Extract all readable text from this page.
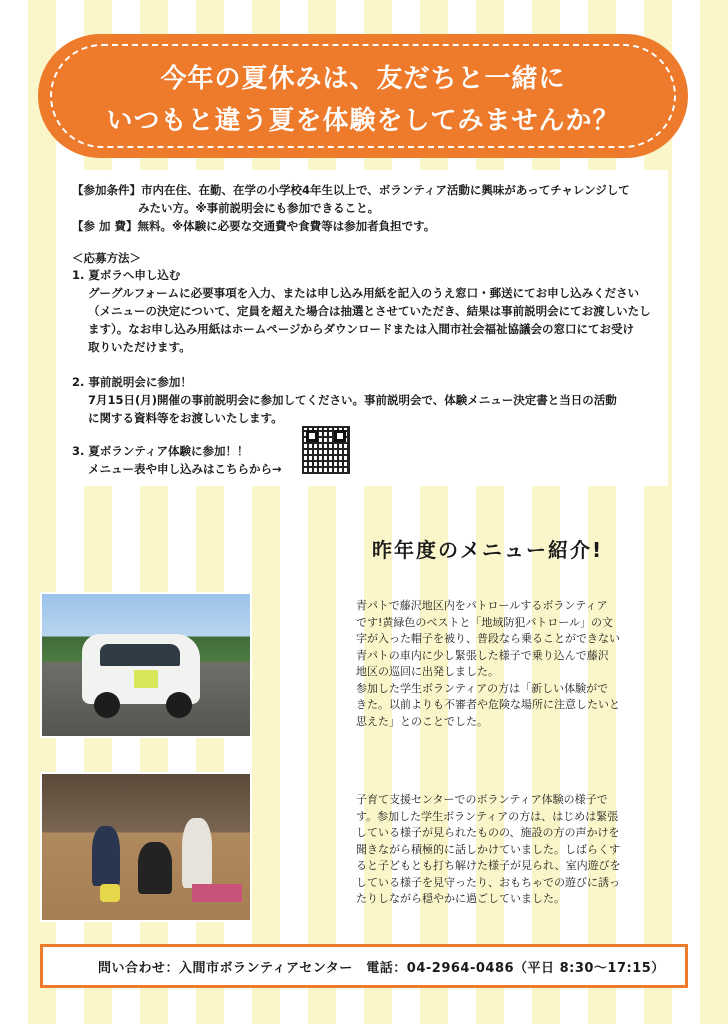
今年の夏休みは、友だちと一緒に
いつもと違う夏を体験をしてみませんか？
【参加条件】市内在住、在勤、在学の小学校4年生以上で、ボランティア活動に興味があってチャレンジして
みたい方。※事前説明会にも参加できること。
【参 加 費】無料。※体験に必要な交通費や食費等は参加者負担です。
＜応募方法＞
1. 夏ボラへ申し込む
グーグルフォームに必要事項を入力、または申し込み用紙を記入のうえ窓口・郵送にてお申し込みください
（メニューの決定について、定員を超えた場合は抽選とさせていただき、結果は事前説明会にてお渡しいたし
ます）。なお申し込み用紙はホームページからダウンロードまたは入間市社会福祉協議会の窓口にてお受け
取りいただけます。
2. 事前説明会に参加！
7月15日(月)開催の事前説明会に参加してください。事前説明会で、体験メニュー決定書と当日の活動
に関する資料等をお渡しいたします。
3. 夏ボランティア体験に参加！！
メニュー表や申し込みはこちらから→
昨年度のメニュー紹介!
青パトで藤沢地区内をパトロールするボランティア
です!黄緑色のベストと「地域防犯パトロール」の文
字が入った帽子を被り、普段なら乗ることができない
青パトの車内に少し緊張した様子で乗り込んで藤沢
地区の巡回に出発しました。
参加した学生ボランティアの方は「新しい体験がで
きた。以前よりも不審者や危険な場所に注意したいと
思えた」とのことでした。
子育て支援センターでのボランティア体験の様子で
す。参加した学生ボランティアの方は、はじめは緊張
している様子が見られたものの、施設の方の声かけを
聞きながら積極的に話しかけていました。しばらくす
ると子どもとも打ち解けた様子が見られ、室内遊びを
している様子を見守ったり、おもちゃでの遊びに誘っ
たりしながら穏やかに過ごしていました。
問い合わせ：入間市ボランティアセンター　電話：04-2964-0486（平日 8:30〜17:15）
